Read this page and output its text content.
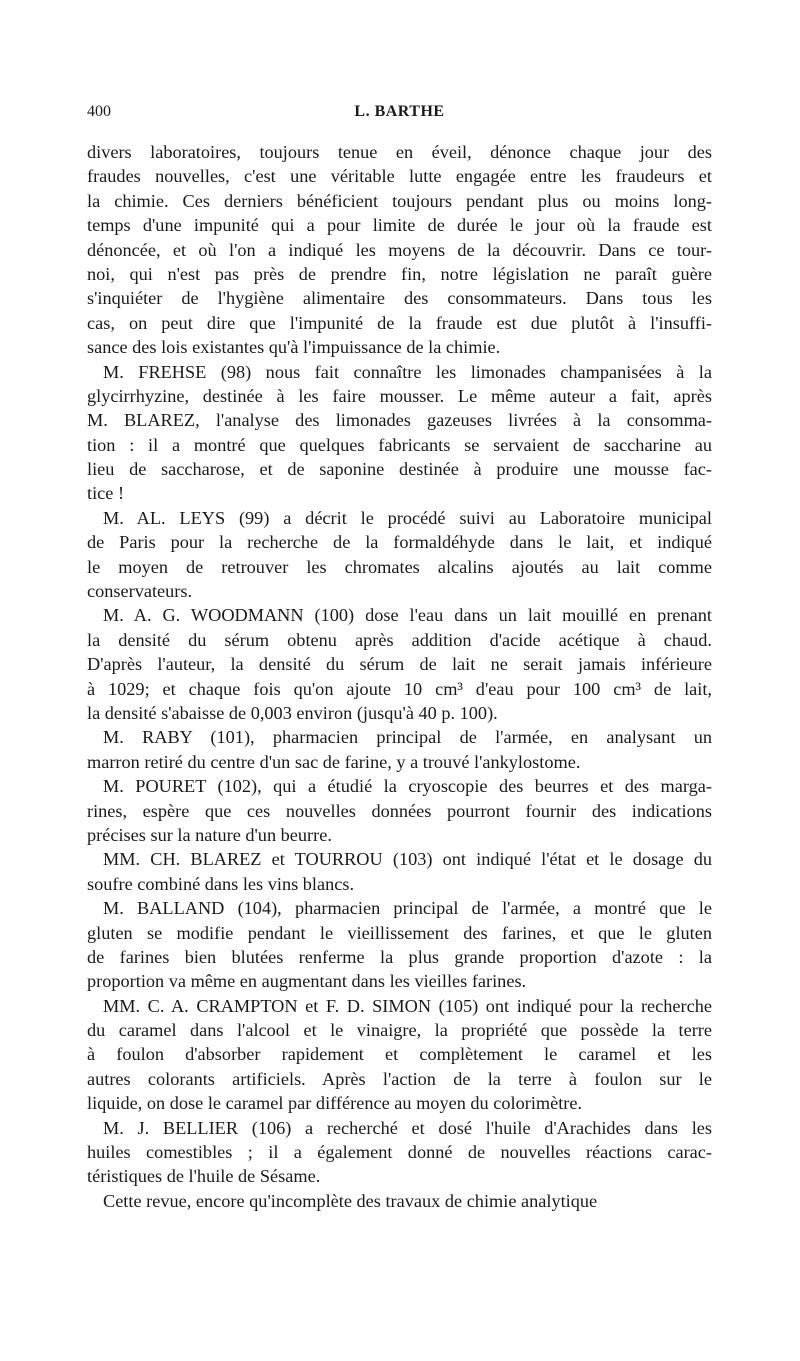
400	L. BARTHE
divers laboratoires, toujours tenue en éveil, dénonce chaque jour des
fraudes nouvelles, c'est une véritable lutte engagée entre les fraudeurs et
la chimie. Ces derniers bénéficient toujours pendant plus ou moins long-
temps d'une impunité qui a pour limite de durée le jour où la fraude est
dénoncée, et où l'on a indiqué les moyens de la découvrir. Dans ce tour-
noi, qui n'est pas près de prendre fin, notre législation ne paraît guère
s'inquiéter de l'hygiène alimentaire des consommateurs. Dans tous les
cas, on peut dire que l'impunité de la fraude est due plutôt à l'insuffi-
sance des lois existantes qu'à l'impuissance de la chimie.
M. FREHSE (98) nous fait connaître les limonades champanisées à la
glycirrhyzine, destinée à les faire mousser. Le même auteur a fait, après
M. BLAREZ, l'analyse des limonades gazeuses livrées à la consomma-
tion : il a montré que quelques fabricants se servaient de saccharine au
lieu de saccharose, et de saponine destinée à produire une mousse fac-
tice !
M. AL. LEYS (99) a décrit le procédé suivi au Laboratoire municipal
de Paris pour la recherche de la formaldéhyde dans le lait, et indiqué
le moyen de retrouver les chromates alcalins ajoutés au lait comme
conservateurs.
M. A. G. WOODMANN (100) dose l'eau dans un lait mouillé en prenant
la densité du sérum obtenu après addition d'acide acétique à chaud.
D'après l'auteur, la densité du sérum de lait ne serait jamais inférieure
à 1029; et chaque fois qu'on ajoute 10 cm³ d'eau pour 100 cm³ de lait,
la densité s'abaisse de 0,003 environ (jusqu'à 40 p. 100).
M. RABY (101), pharmacien principal de l'armée, en analysant un
marron retiré du centre d'un sac de farine, y a trouvé l'ankylostome.
M. POURET (102), qui a étudié la cryoscopie des beurres et des marga-
rines, espère que ces nouvelles données pourront fournir des indications
précises sur la nature d'un beurre.
MM. CH. BLAREZ et TOURROU (103) ont indiqué l'état et le dosage du
soufre combiné dans les vins blancs.
M. BALLAND (104), pharmacien principal de l'armée, a montré que le
gluten se modifie pendant le vieillissement des farines, et que le gluten
de farines bien blutées renferme la plus grande proportion d'azote : la
proportion va même en augmentant dans les vieilles farines.
MM. C. A. CRAMPTON et F. D. SIMON (105) ont indiqué pour la recherche
du caramel dans l'alcool et le vinaigre, la propriété que possède la terre
à foulon d'absorber rapidement et complètement le caramel et les
autres colorants artificiels. Après l'action de la terre à foulon sur le
liquide, on dose le caramel par différence au moyen du colorimètre.
M. J. BELLIER (106) a recherché et dosé l'huile d'Arachides dans les
huiles comestibles ; il a également donné de nouvelles réactions carac-
téristiques de l'huile de Sésame.
Cette revue, encore qu'incomplète des travaux de chimie analytique
